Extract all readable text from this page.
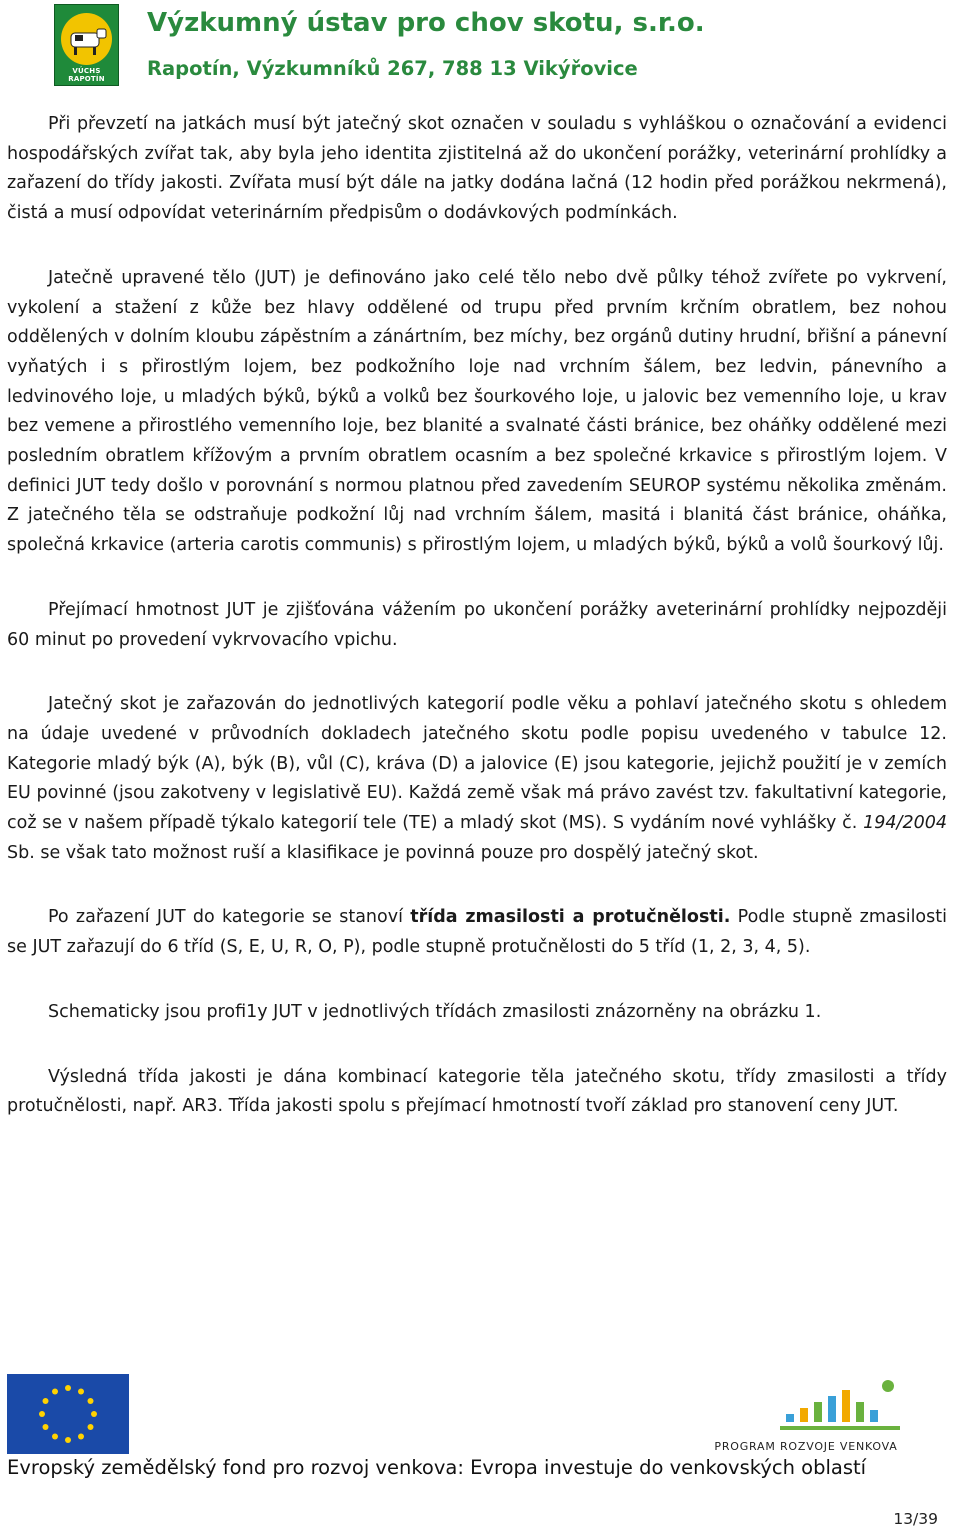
VÚCHS RAPOTÍN
Výzkumný ústav pro chov skotu, s.r.o.
Rapotín, Výzkumníků 267, 788 13 Vikýřovice

Při převzetí na jatkách musí být jatečný skot označen v souladu s vyhláškou o označování a evidenci hospodářských zvířat tak, aby byla jeho identita zjistitelná až do ukončení porážky, veterinární prohlídky a zařazení do třídy jakosti. Zvířata musí být dále na jatky dodána lačná (12 hodin před porážkou nekrmená), čistá a musí odpovídat veterinárním předpisům o dodávkových podmínkách.

Jatečně upravené tělo (JUT) je definováno jako celé tělo nebo dvě půlky téhož zvířete po vykrvení, vykolení a stažení z kůže bez hlavy oddělené od trupu před prvním krčním obratlem, bez nohou oddělených v dolním kloubu zápěstním a zánártním, bez míchy, bez orgánů dutiny hrudní, břišní a pánevní vyňatých i s přirostlým lojem, bez podkožního loje nad vrchním šálem, bez ledvin, pánevního a ledvinového loje, u mladých býků, býků a volků bez šourkového loje, u jalovic bez vemenního loje, u krav bez vemene a přirostlého vemenního loje, bez blanité a svalnaté části bránice, bez oháňky oddělené mezi posledním obratlem křížovým a prvním obratlem ocasním a bez společné krkavice s přirostlým lojem. V definici JUT tedy došlo v porovnání s normou platnou před zavedením SEUROP systému několika změnám. Z jatečného těla se odstraňuje podkožní lůj nad vrchním šálem, masitá i blanitá část bránice, oháňka, společná krkavice (arteria carotis communis) s přirostlým lojem, u mladých býků, býků a volů šourkový lůj.

Přejímací hmotnost JUT je zjišťována vážením po ukončení porážky aveterinární prohlídky nejpozději 60 minut po provedení vykrvovacího vpichu.

Jatečný skot je zařazován do jednotlivých kategorií podle věku a pohlaví jatečného skotu s ohledem na údaje uvedené v průvodních dokladech jatečného skotu podle popisu uvedeného v tabulce 12. Kategorie mladý býk (A), býk (B), vůl (C), kráva (D) a jalovice (E) jsou kategorie, jejichž použití je v zemích EU povinné (jsou zakotveny v legislativě EU). Každá země však má právo zavést tzv. fakultativní kategorie, což se v našem případě týkalo kategorií tele (TE) a mladý skot (MS). S vydáním nové vyhlášky č. 194/2004 Sb. se však tato možnost ruší a klasifikace je povinná pouze pro dospělý jatečný skot.

Po zařazení JUT do kategorie se stanoví třída zmasilosti a protučnělosti. Podle stupně zmasilosti se JUT zařazují do 6 tříd (S, E, U, R, O, P), podle stupně protučnělosti do 5 tříd (1, 2, 3, 4, 5).

Schematicky jsou profi1y JUT v jednotlivých třídách zmasilosti znázorněny na obrázku 1.

Výsledná třída jakosti je dána kombinací kategorie těla jatečného skotu, třídy zmasilosti a třídy protučnělosti, např. AR3. Třída jakosti spolu s přejímací hmotností tvoří základ pro stanovení ceny JUT.

PROGRAM ROZVOJE VENKOVA
Evropský zemědělský fond pro rozvoj venkova: Evropa investuje do venkovských oblastí
13/39
